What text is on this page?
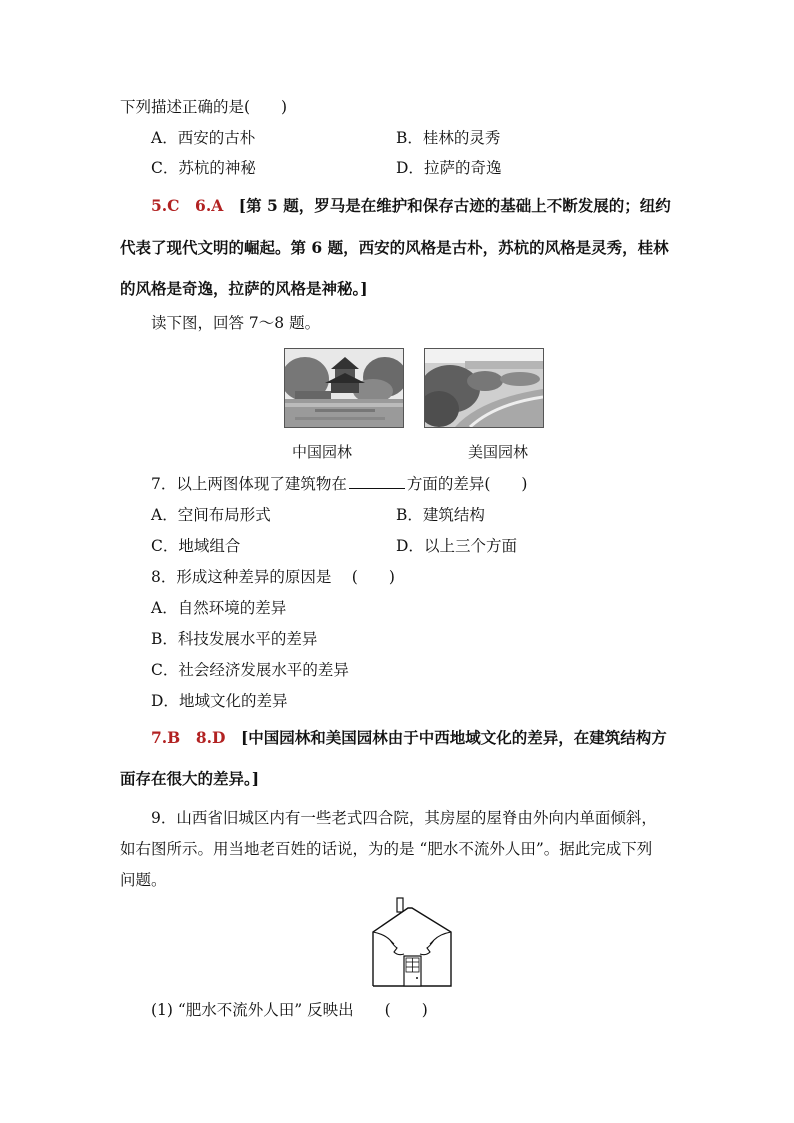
下列描述正确的是(　　)
A．西安的古朴	B．桂林的灵秀
C．苏杭的神秘	D．拉萨的奇逸
5.C　 6.A　 [第 5 题，罗马是在维护和保存古迹的基础上不断发展的；纽约
代表了现代文明的崛起。第 6 题，西安的风格是古朴，苏杭的风格是灵秀，桂林
的风格是奇逸，拉萨的风格是神秘。]
读下图，回答 7～8 题。
中国园林	美国园林
7．以上两图体现了建筑物在	方面的差异(　　)
A．空间布局形式	B．建筑结构
C．地域组合	D．以上三个方面
8．形成这种差异的原因是　 (　　)
A．自然环境的差异
B．科技发展水平的差异
C．社会经济发展水平的差异
D．地域文化的差异
7.B　 8.D　 [中国园林和美国园林由于中西地域文化的差异，在建筑结构方
面存在很大的差异。]
9．山西省旧城区内有一些老式四合院，其房屋的屋脊由外向内单面倾斜，
如右图所示。用当地老百姓的话说，为的是 “肥水不流外人田”。据此完成下列
问题。
(1) “肥水不流外人田” 反映出　　(　　)
